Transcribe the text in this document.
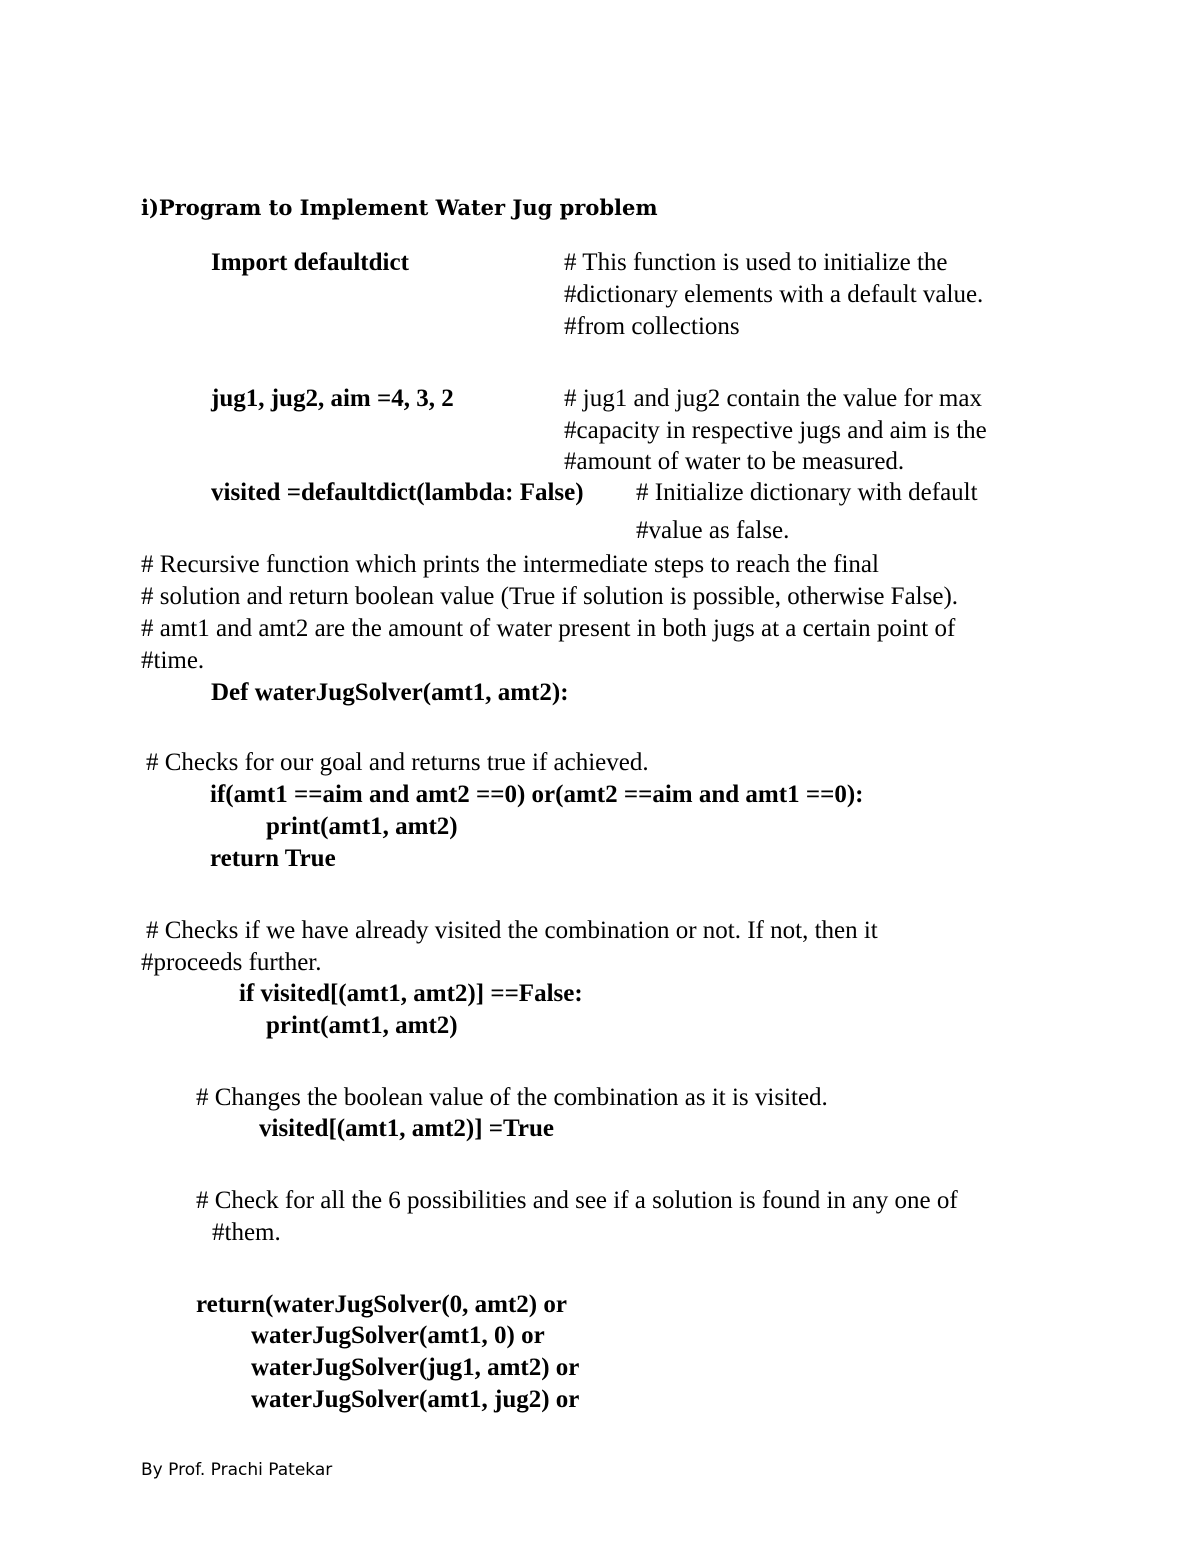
i)Program to Implement Water Jug problem
Import defaultdict	# This function is used to initialize the
#dictionary elements with a default value.
#from collections
jug1, jug2, aim =4, 3, 2	# jug1 and jug2 contain the value for max
#capacity in respective jugs and aim is the
#amount of water to be measured.
visited =defaultdict(lambda: False) # Initialize dictionary with default
#value as false.
# Recursive function which prints the intermediate steps to reach the final
# solution and return boolean value (True if solution is possible, otherwise False).
# amt1 and amt2 are the amount of water present in both jugs at a certain point of
#time.
Def waterJugSolver(amt1, amt2):
# Checks for our goal and returns true if achieved.
if(amt1 ==aim and amt2 ==0) or(amt2 ==aim and amt1 ==0):
print(amt1, amt2)
return True
# Checks if we have already visited the combination or not. If not, then it
#proceeds further.
if visited[(amt1, amt2)] ==False:
print(amt1, amt2)
# Changes the boolean value of the combination as it is visited.
visited[(amt1, amt2)] =True
# Check for all the 6 possibilities and see if a solution is found in any one of
#them.
return(waterJugSolver(0, amt2) or
waterJugSolver(amt1, 0) or
waterJugSolver(jug1, amt2) or
waterJugSolver(amt1, jug2) or
By Prof. Prachi Patekar
